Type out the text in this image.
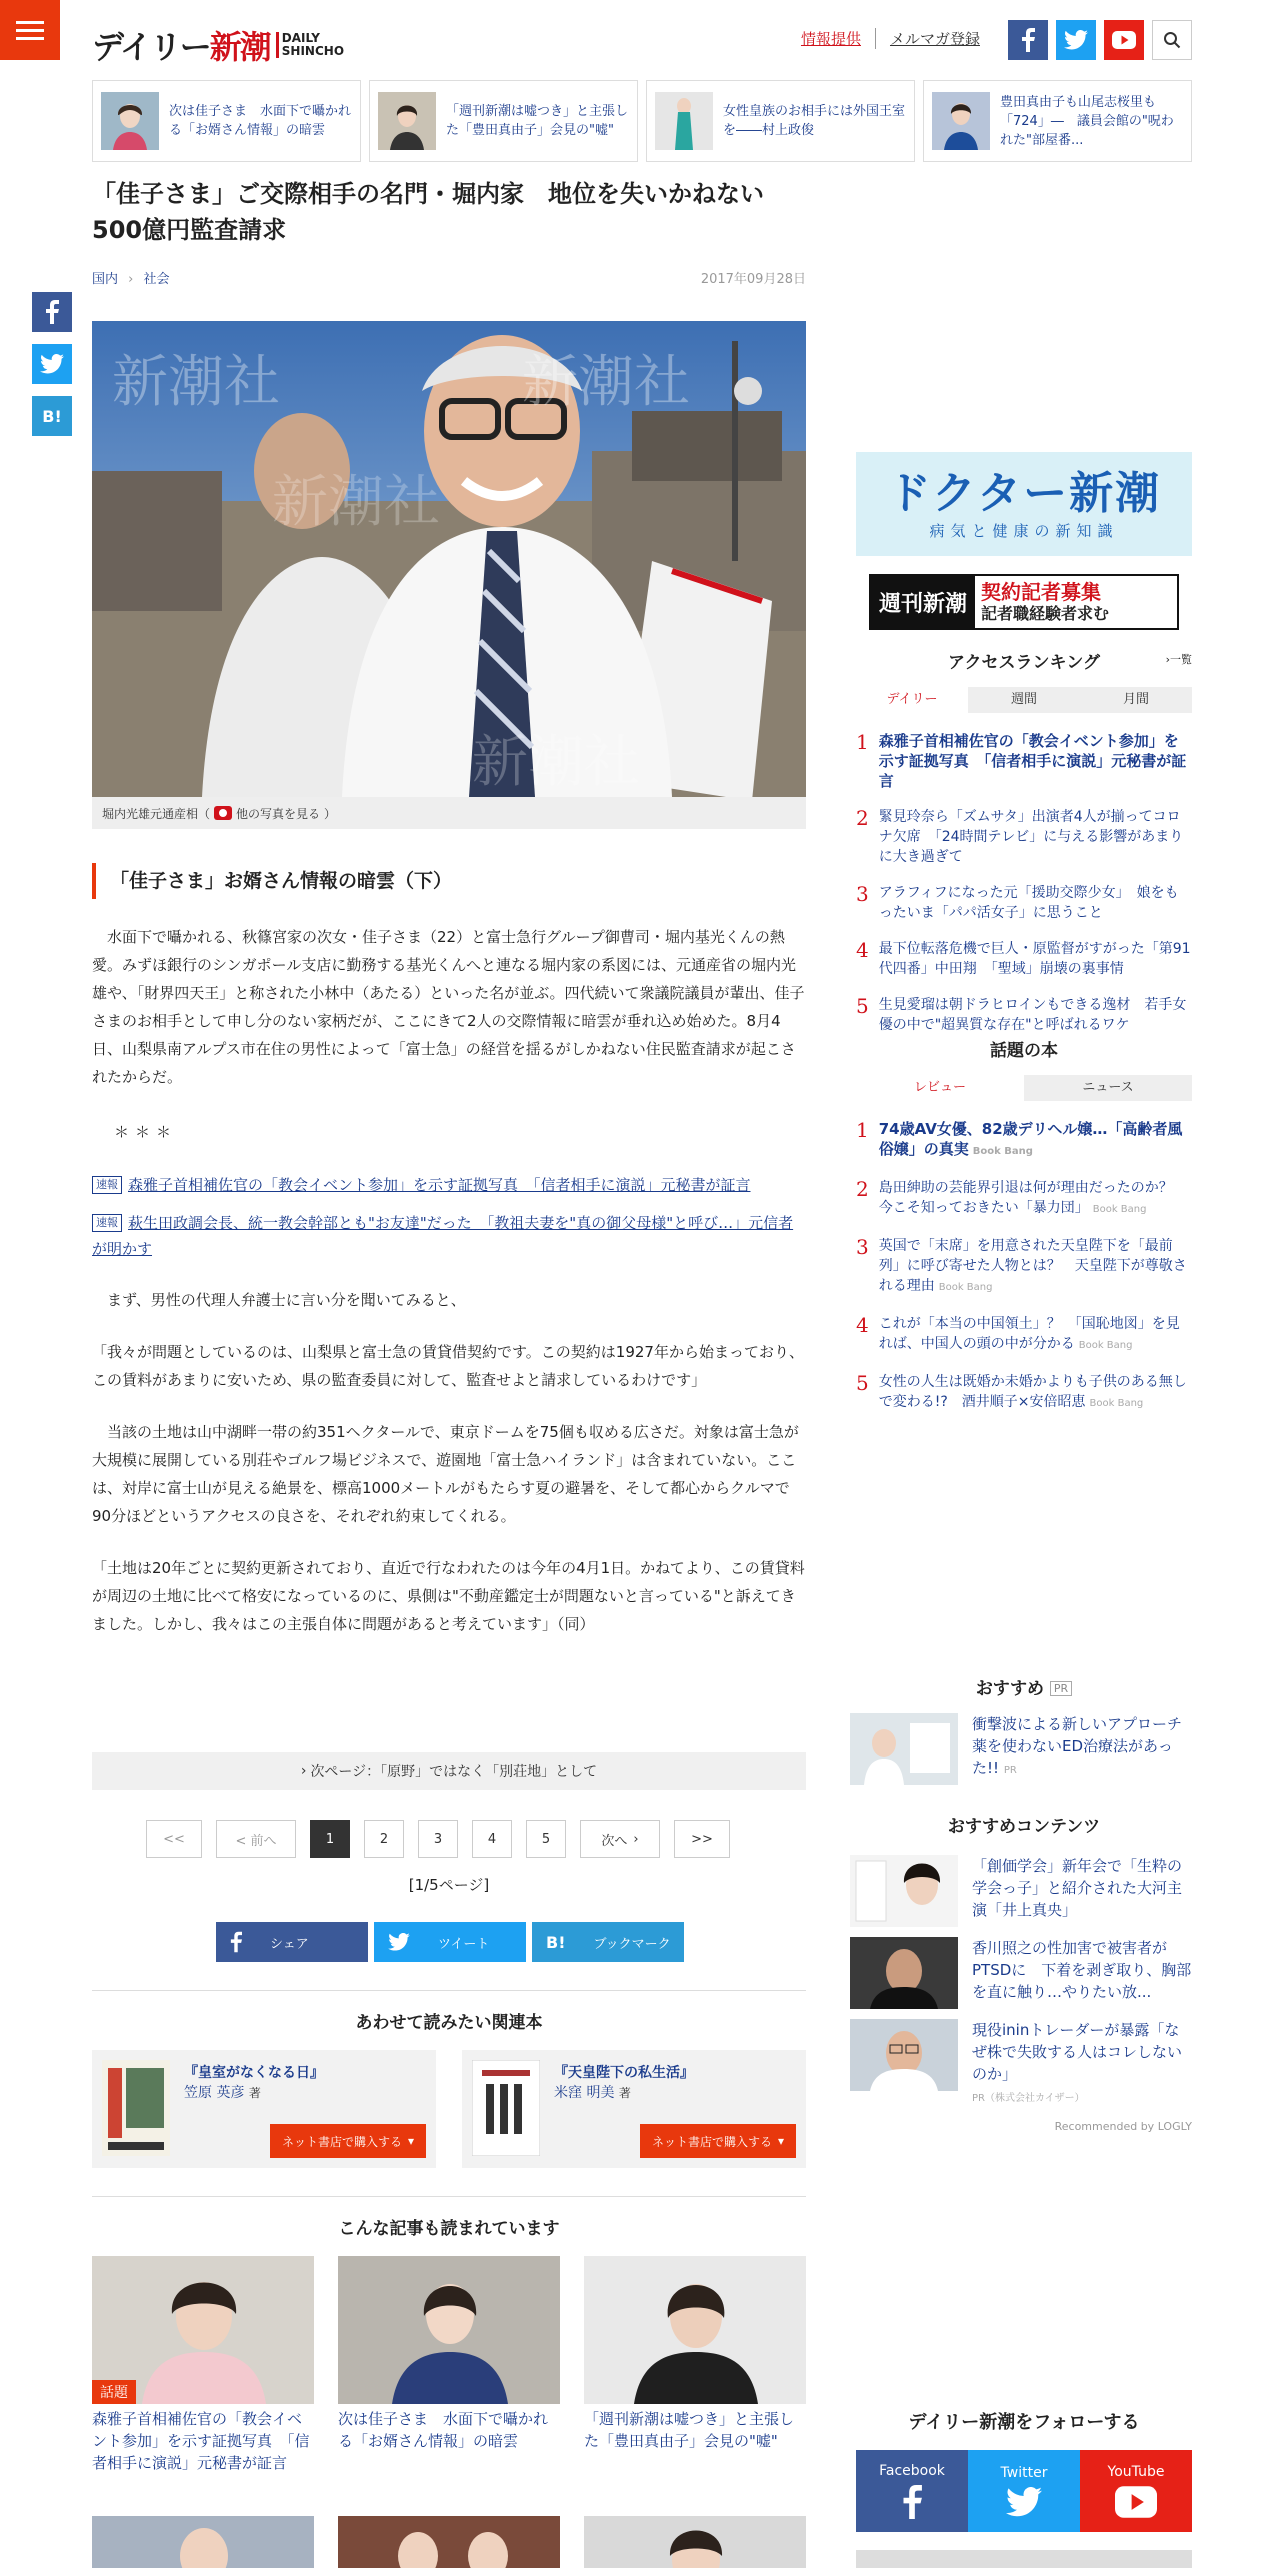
デイリー新潮	DAILY
SHINCHO
情報提供	メルマガ登録
次は佳子さま　水面下で囁かれる「お婿さん情報」の暗雲
「週刊新潮は嘘つき」と主張した「豊田真由子」会見の"嘘"
女性皇族のお相手には外国王室を――村上政俊
豊田真由子も山尾志桜里も「724」―　議員会館の"呪われた"部屋番...
B!
「佳子さま」ご交際相手の名門・堀内家　地位を失いかねない500億円監査請求
国内 › 社会	2017年09月28日
新潮社	新潮社
新潮社
新潮社
堀内光雄元通産相（ 他の写真を見る ）
「佳子さま」お婿さん情報の暗雲（下）

水面下で囁かれる、秋篠宮家の次女・佳子さま（22）と富士急行グループ御曹司・堀内基光くんの熱愛。みずほ銀行のシンガポール支店に勤務する基光くんへと連なる堀内家の系図には、元通産省の堀内光雄や、「財界四天王」と称された小林中（あたる）といった名が並ぶ。四代続いて衆議院議員が輩出、佳子さまのお相手として申し分のない家柄だが、ここにきて2人の交際情報に暗雲が垂れ込め始めた。8月4日、山梨県南アルプス市在住の男性によって「富士急」の経営を揺るがしかねない住民監査請求が起こされたからだ。

＊＊＊
速報 森雅子首相補佐官の「教会イベント参加」を示す証拠写真　「信者相手に演説」元秘書が証言
速報 萩生田政調会長、統一教会幹部とも"お友達"だった　「教祖夫妻を"真の御父母様"と呼び…」元信者が明かす

まず、男性の代理人弁護士に言い分を聞いてみると、

「我々が問題としているのは、山梨県と富士急の賃貸借契約です。この契約は1927年から始まっており、この賃料があまりに安いため、県の監査委員に対して、監査せよと請求しているわけです」

当該の土地は山中湖畔一帯の約351ヘクタールで、東京ドームを75個も収める広さだ。対象は富士急が大規模に展開している別荘やゴルフ場ビジネスで、遊園地「富士急ハイランド」は含まれていない。ここは、対岸に富士山が見える絶景を、標高1000メートルがもたらす夏の避暑を、そして都心からクルマで90分ほどというアクセスの良さを、それぞれ約束してくれる。

「土地は20年ごとに契約更新されており、直近で行なわれたのは今年の4月1日。かねてより、この賃貸料が周辺の土地に比べて格安になっているのに、県側は"不動産鑑定士が問題ないと言っている"と訴えてきました。しかし、我々はこの主張自体に問題があると考えています」（同）

› 次ページ：「原野」ではなく「別荘地」として
<<	< 前へ	1	2	3	4	5	次へ ›	>>
[1/5ページ]
シェア	ツイート	B! ブックマーク
あわせて読みたい関連本
『皇室がなくなる日』
笠原 英彦 著
ネット書店で購入する ▾
『天皇陛下の私生活』
米窪 明美 著
ネット書店で購入する ▾
こんな記事も読まれています
話題
森雅子首相補佐官の「教会イベント参加」を示す証拠写真　「信者相手に演説」元秘書が証言
次は佳子さま　水面下で囁かれる「お婿さん情報」の暗雲
「週刊新潮は嘘つき」と主張した「豊田真由子」会見の"嘘"
ドクター新潮
病気と健康の新知識
週刊新潮 契約記者募集
記者職経験者求む
アクセスランキング	›一覧
デイリー	週間	月間
1 森雅子首相補佐官の「教会イベント参加」を示す証拠写真　「信者相手に演説」元秘書が証言
2 緊見玲奈ら「ズムサタ」出演者4人が揃ってコロナ欠席　「24時間テレビ」に与える影響があまりに大き過ぎて
3 アラフィフになった元「援助交際少女」　娘をもったいま「パパ活女子」に思うこと
4 最下位転落危機で巨人・原監督がすがった「第91代四番」中田翔　「聖域」崩壊の裏事情
5 生見愛瑠は朝ドラヒロインもできる逸材　若手女優の中で"超異質な存在"と呼ばれるワケ
話題の本
レビュー	ニュース
1 74歳AV女優、82歳デリヘル嬢…「高齢者風俗嬢」の真実 Book Bang
2 島田紳助の芸能界引退は何が理由だったのか？　今こそ知っておきたい「暴力団」 Book Bang
3 英国で「末席」を用意された天皇陛下を「最前列」に呼び寄せた人物とは？　天皇陛下が尊敬される理由 Book Bang
4 これが「本当の中国領土」？　「国恥地図」を見れば、中国人の頭の中が分かる Book Bang
5 女性の人生は既婚か未婚かよりも子供のある無しで変わる!?　酒井順子×安倍昭恵 Book Bang
おすすめ PR
衝撃波による新しいアプローチ　薬を使わないED治療法があった!! PR
おすすめコンテンツ
「創価学会」新年会で「生粋の学会っ子」と紹介された大河主演「井上真央」
香川照之の性加害で被害者がPTSDに　下着を剥ぎ取り、胸部を直に触り…やりたい放...
現役ininトレーダーが暴露「なぜ株で失敗する人はコレしないのか」
PR（株式会社カイザー）
Recommended by LOGLY
デイリー新潮をフォローする
Facebook	Twitter	YouTube
